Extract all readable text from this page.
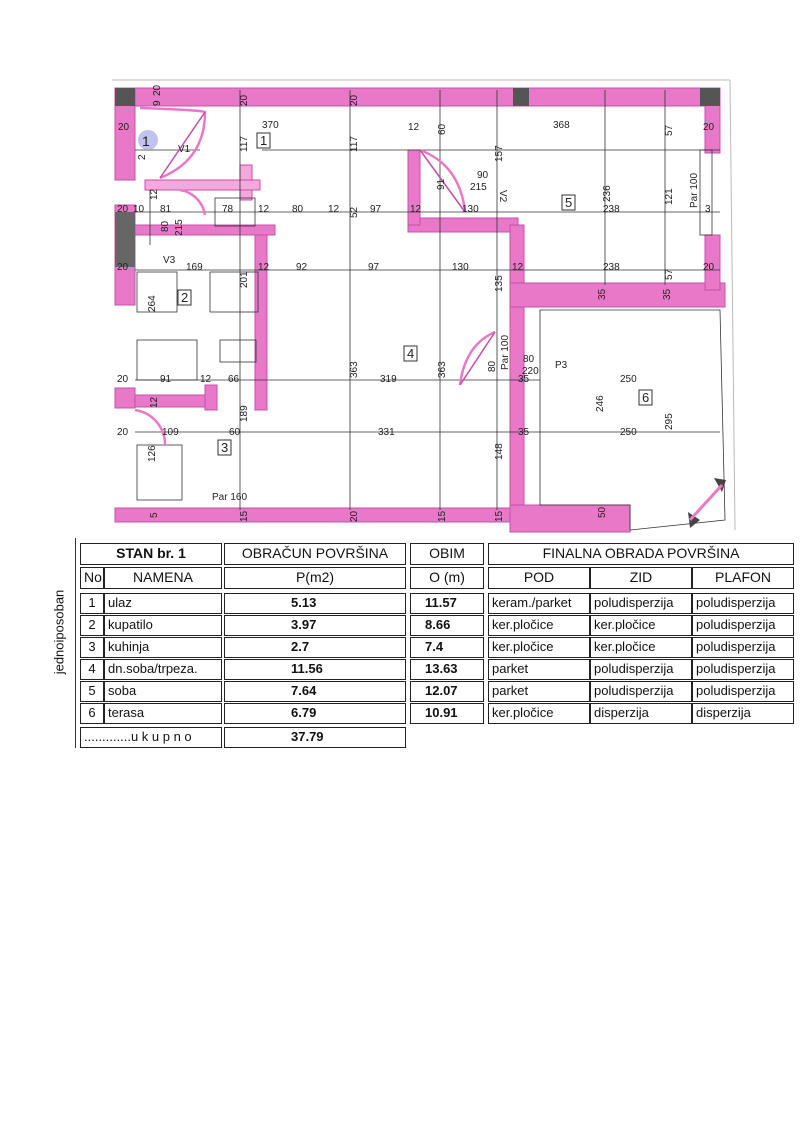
1
2
3
4
5
6
1
V1
V3
P3
Par 160
Par 100
Par 100
V2
370	368
20	12	20
81	78 12 80 12	97	12	130	238
20 10	3
169	12	92	97	130	12	238
20	20
91	12 66	319	250
35
20
109	60	331	35	250
20
80
220
90
215
9
20
20	20
117	117
60
157
57
57
91
236	121
52
80 215
201
264
135
35	35
363	363	80
246
295
189
126	148
15	20	15	15	50
5
2
12
12
jednoiposoban
STAN br. 1	OBRAČUN POVRŠINA	OBIM	FINALNA OBRADA POVRŠINA
No	NAMENA	P(m2)	O (m)	POD	ZID	PLAFON
1 ulaz	5.13	11.57	keram./parket	poludisperzija	poludisperzija
2 kupatilo	3.97	8.66	ker.pločice	ker.pločice	poludisperzija
3 kuhinja	2.7	7.4	ker.pločice	ker.pločice	poludisperzija
4 dn.soba/trpeza.	11.56	13.63	parket	poludisperzija	poludisperzija
5 soba	7.64	12.07	parket	poludisperzija	poludisperzija
6 terasa	6.79	10.91	ker.pločice	disperzija	disperzija
.............u k u p n o	37.79
